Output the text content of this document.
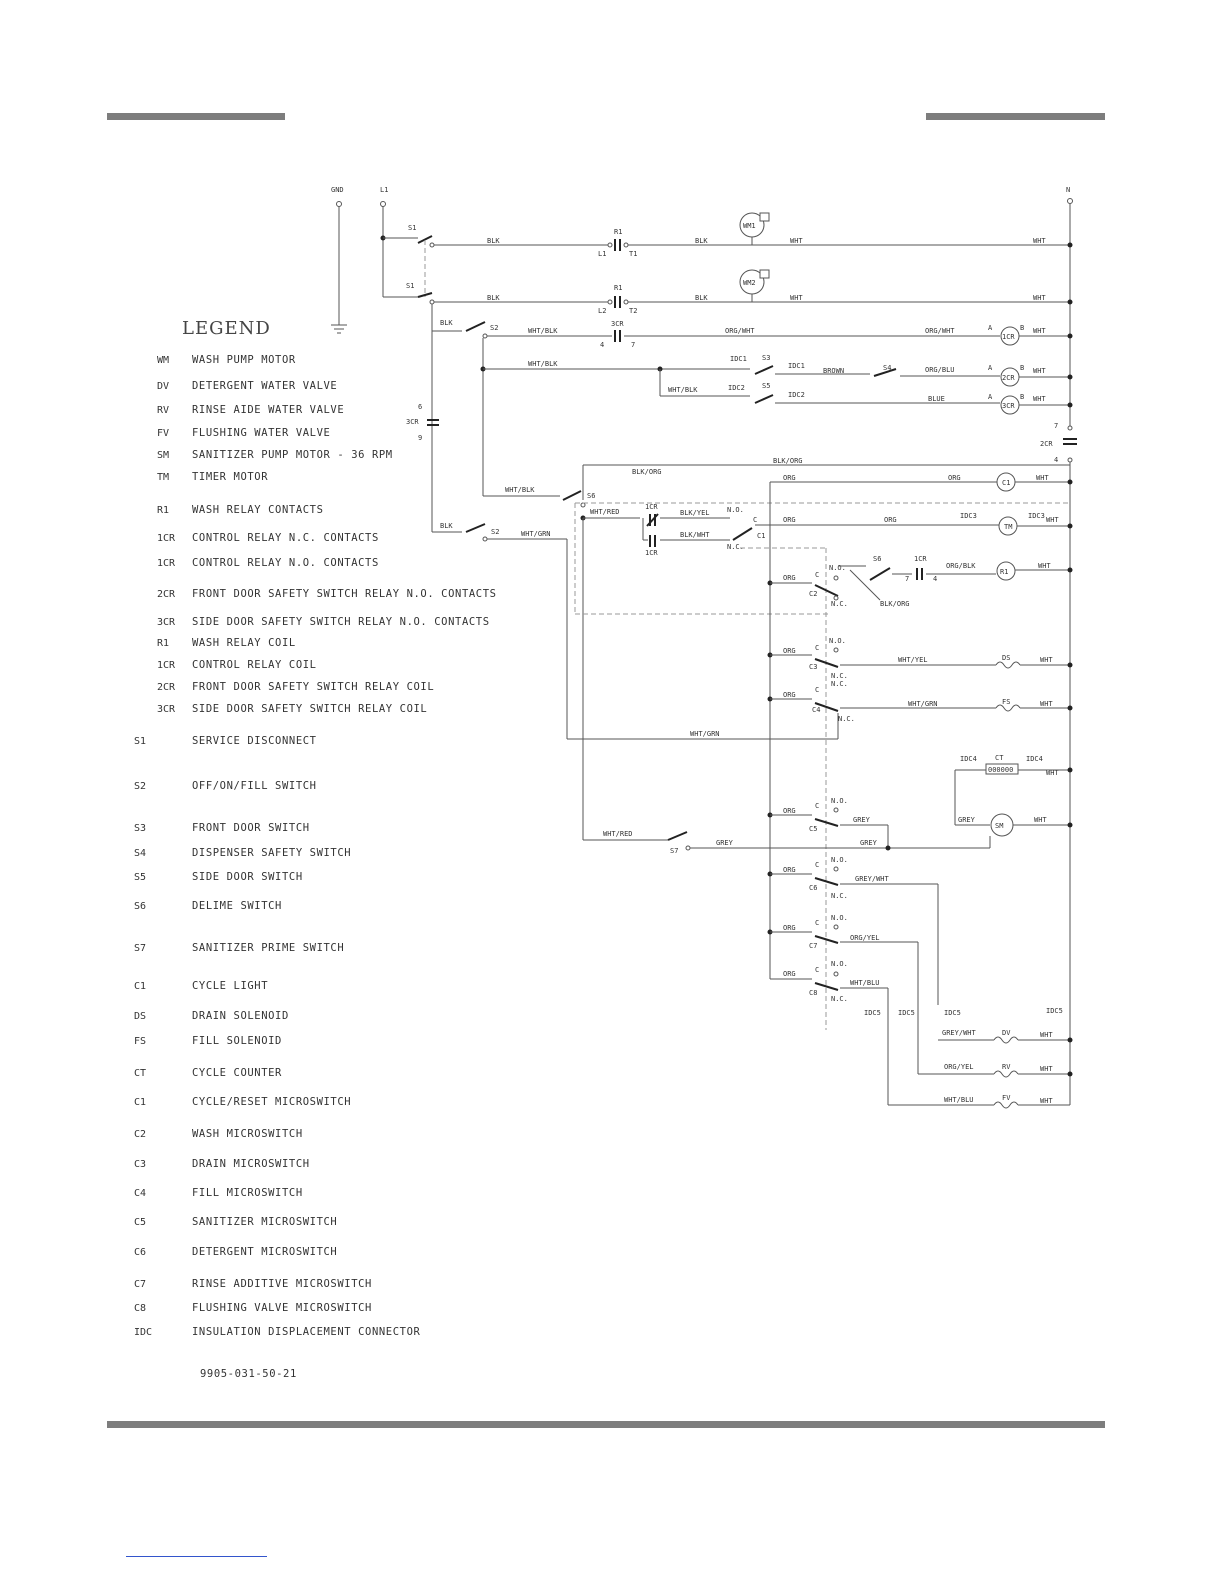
LEGEND
WM WASH PUMP MOTOR
DV DETERGENT WATER VALVE
RV RINSE AIDE WATER VALVE
FV FLUSHING WATER VALVE
SM SANITIZER PUMP MOTOR - 36 RPM
TM TIMER MOTOR
R1 WASH RELAY CONTACTS
1CR CONTROL RELAY N.C. CONTACTS
1CR CONTROL RELAY N.O. CONTACTS
2CR FRONT DOOR SAFETY SWITCH RELAY N.O. CONTACTS
3CR SIDE DOOR SAFETY SWITCH RELAY N.O. CONTACTS
R1 WASH RELAY COIL
1CR CONTROL RELAY COIL
2CR FRONT DOOR SAFETY SWITCH RELAY COIL
3CR SIDE DOOR SAFETY SWITCH RELAY COIL
S1	SERVICE DISCONNECT
S2	OFF/ON/FILL SWITCH
S3	FRONT DOOR SWITCH
S4	DISPENSER SAFETY SWITCH
S5	SIDE DOOR SWITCH
S6	DELIME SWITCH
S7	SANITIZER PRIME SWITCH
C1	CYCLE LIGHT
DS	DRAIN SOLENOID
FS	FILL SOLENOID
CT	CYCLE COUNTER
C1	CYCLE/RESET MICROSWITCH
C2	WASH MICROSWITCH
C3	DRAIN MICROSWITCH
C4	FILL MICROSWITCH
C5	SANITIZER MICROSWITCH
C6	DETERGENT MICROSWITCH
C7	RINSE ADDITIVE MICROSWITCH
C8	FLUSHING VALVE MICROSWITCH
IDC	INSULATION DISPLACEMENT CONNECTOR
9905-031-50-21
GND	L1	N
S1
BLK
R1
L1	T1
BLK	WHT	WHT
WM1
S1
BLK
R1
L2	T2
BLK	WHT	WHT
WM2
BLK
S2	WHT/BLK
3CR
4	7
ORG/WHT	ORG/WHT	A	B
1CR
WHT
6
3CR
9
WHT/BLK
IDC1 S3
IDC1
BROWN	S4	ORG/BLU	A	B
2CR
WHT
WHT/BLK	IDC2 S5
IDC2	BLUE	A	B
3CR
WHT
7
2CR
4
BLK/ORG
BLK/ORG
WHT/BLK
S6
WHT/RED
1CR
BLK/YEL N.O.
1CR
BLK/WHT
N.C.
C
C1
ORG	ORG	IDC3
TM
IDC3 WHT
ORG	ORG
C1
WHT
ORG	C
C2
N.O.
N.C.
S6
7
1CR
4
ORG/BLK
R1
WHT
BLK/ORG
ORG	C
N.O.
C3
N.C.
WHT/YEL	DS	WHT
ORG
C
N.C.
C4
N.C.
WHT/GRN	FS	WHT
BLK
S2	WHT/GRN
WHT/GRN
IDC4	CT
000000
IDC4
WHT
ORG
C
N.O.
C5
GREY	GREY
SM
WHT
WHT/RED
S7
GREY	GREY
ORG
C
N.O.
C6
N.C.
GREY/WHT
ORG
C
N.O.
C7
ORG/YEL
ORG	C
N.O.
C8
N.C.
WHT/BLU
IDC5 IDC5	IDC5	IDC5
GREY/WHT	DV	WHT
ORG/YEL	RV	WHT
WHT/BLU	FV	WHT
